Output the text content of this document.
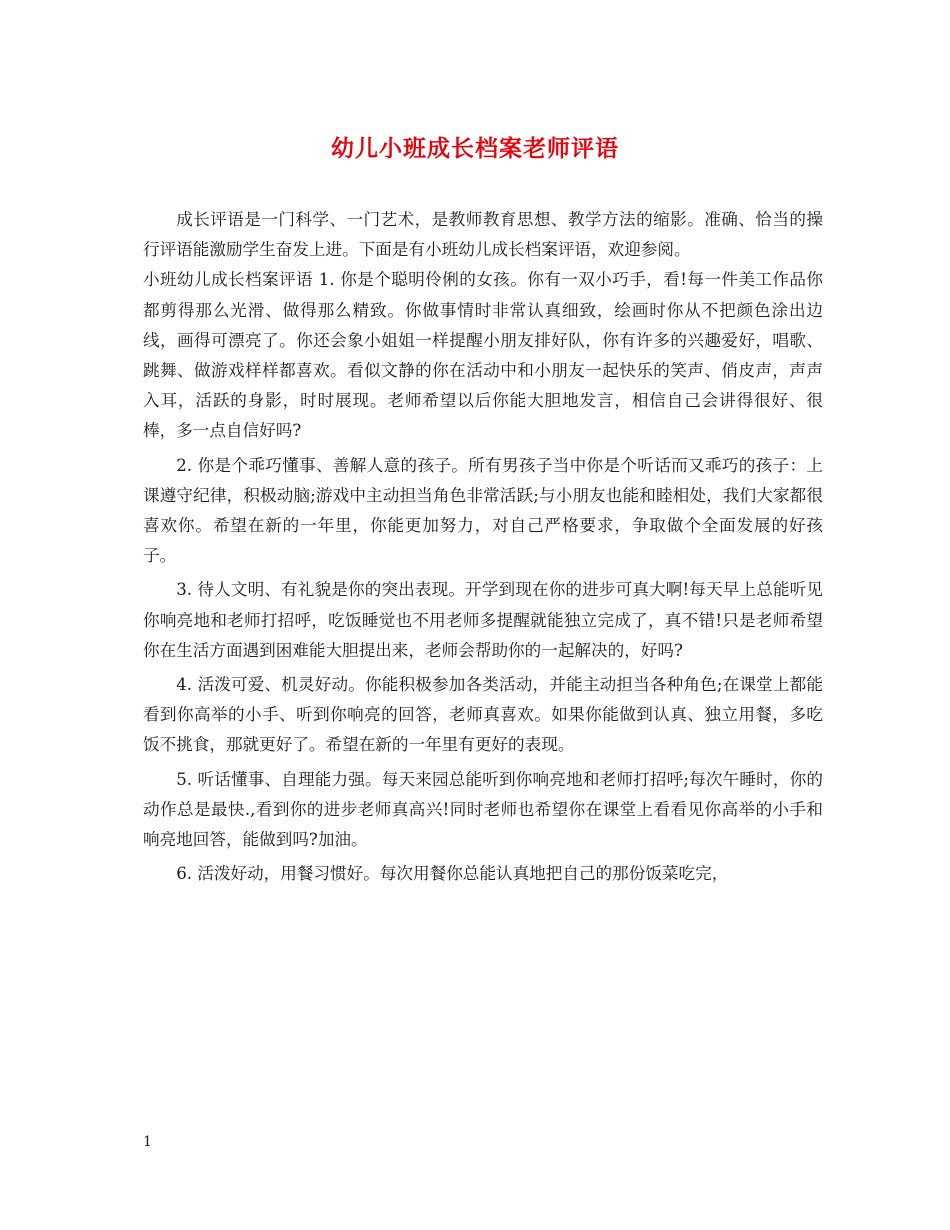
幼儿小班成长档案老师评语

成长评语是一门科学、一门艺术，是教师教育思想、教学方法的缩影。准确、恰当的操行评语能激励学生奋发上进。下面是有小班幼儿成长档案评语，欢迎参阅。

小班幼儿成长档案评语 1. 你是个聪明伶俐的女孩。你有一双小巧手，看!每一件美工作品你都剪得那么光滑、做得那么精致。你做事情时非常认真细致，绘画时你从不把颜色涂出边线，画得可漂亮了。你还会象小姐姐一样提醒小朋友排好队，你有许多的兴趣爱好，唱歌、跳舞、做游戏样样都喜欢。看似文静的你在活动中和小朋友一起快乐的笑声、俏皮声，声声入耳，活跃的身影，时时展现。老师希望以后你能大胆地发言，相信自己会讲得很好、很棒，多一点自信好吗?

2. 你是个乖巧懂事、善解人意的孩子。所有男孩子当中你是个听话而又乖巧的孩子：上课遵守纪律，积极动脑;游戏中主动担当角色非常活跃;与小朋友也能和睦相处，我们大家都很喜欢你。希望在新的一年里，你能更加努力，对自己严格要求，争取做个全面发展的好孩子。

3. 待人文明、有礼貌是你的突出表现。开学到现在你的进步可真大啊!每天早上总能听见你响亮地和老师打招呼，吃饭睡觉也不用老师多提醒就能独立完成了，真不错!只是老师希望你在生活方面遇到困难能大胆提出来，老师会帮助你的一起解决的，好吗?

4. 活泼可爱、机灵好动。你能积极参加各类活动，并能主动担当各种角色;在课堂上都能看到你高举的小手、听到你响亮的回答，老师真喜欢。如果你能做到认真、独立用餐，多吃饭不挑食，那就更好了。希望在新的一年里有更好的表现。

5. 听话懂事、自理能力强。每天来园总能听到你响亮地和老师打招呼;每次午睡时，你的动作总是最快.,看到你的进步老师真高兴!同时老师也希望你在课堂上看看见你高举的小手和响亮地回答，能做到吗?加油。

6. 活泼好动，用餐习惯好。每次用餐你总能认真地把自己的那份饭菜吃完，

1
